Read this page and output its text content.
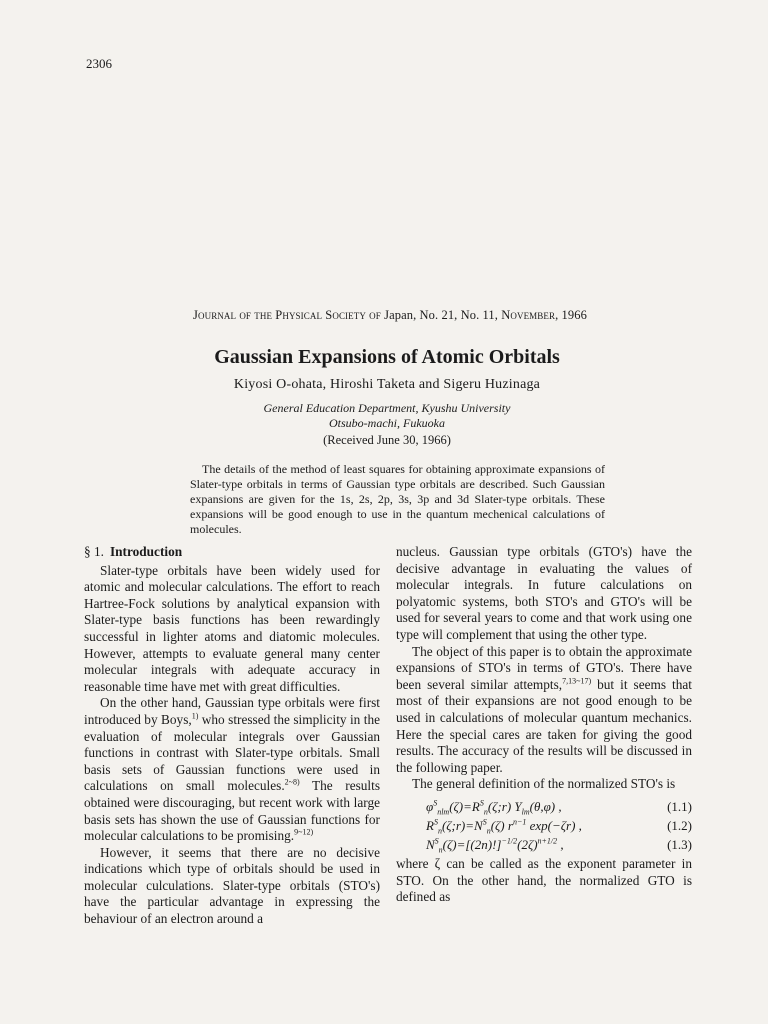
2306
Journal of the Physical Society of Japan, No. 21, No. 11, November, 1966
Gaussian Expansions of Atomic Orbitals
Kiyosi O-ohata, Hiroshi Taketa and Sigeru Huzinaga
General Education Department, Kyushu University
Otsubo-machi, Fukuoka
(Received June 30, 1966)
The details of the method of least squares for obtaining approximate expansions of Slater-type orbitals in terms of Gaussian type orbitals are described. Such Gaussian expansions are given for the 1s, 2s, 2p, 3s, 3p and 3d Slater-type orbitals. These expansions will be good enough to use in the quantum mechenical calculations of molecules.
§ 1. Introduction

Slater-type orbitals have been widely used for atomic and molecular calculations. The effort to reach Hartree-Fock solutions by analytical expansion with Slater-type basis functions has been rewardingly successful in lighter atoms and diatomic molecules. However, attempts to evaluate general many center molecular integrals with adequate accuracy in reasonable time have met with great difficulties.

On the other hand, Gaussian type orbitals were first introduced by Boys,$^{1)}$ who stressed the simplicity in the evaluation of molecular integrals over Gaussian functions in contrast with Slater-type orbitals. Small basis sets of Gaussian functions were used in calculations on small molecules.$^{2\sim 8)}$ The results obtained were discouraging, but recent work with large basis sets has shown the use of Gaussian functions for molecular calculations to be promising.$^{9\sim 12)}$

However, it seems that there are no decisive indications which type of orbitals should be used in molecular culculations. Slater-type orbitals (STO's) have the particular advantage in expressing the behaviour of an electron around a

nucleus. Gaussian type orbitals (GTO's) have the decisive advantage in evaluating the values of molecular integrals. In future calculations on polyatomic systems, both STO's and GTO's will be used for several years to come and that work using one type will complement that using the other type.

The object of this paper is to obtain the approximate expansions of STO's in terms of GTO's. There have been several similar attempts,$^{7,13\sim 17)}$ but it seems that most of their expansions are not good enough to be used in calculations of molecular quantum mechanics. Here the special cares are taken for giving the good results. The accuracy of the results will be discussed in the following paper.

The general definition of the normalized STO's is

$\varphi^S_{nlm}(\zeta)=R^S_n(\zeta;r)$ $Y_{lm}(\theta,\varphi)$ ,	(1.1)
$R^S_n(\zeta;r)=N^S_n(\zeta)$ $r^{n-1}$ exp(−ζr) ,	(1.2)
$N^S_n(\zeta)=[(2n)!]^{-1/2}(2\zeta)^{n+1/2}$ ,	(1.3)

where ζ can be called as the exponent parameter in STO. On the other hand, the normalized GTO is defined as
